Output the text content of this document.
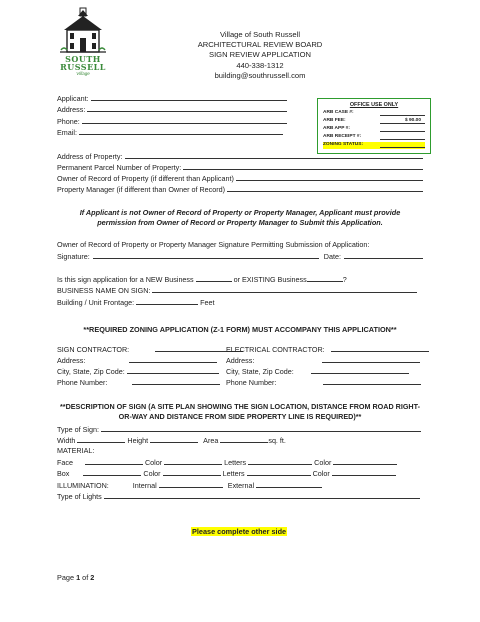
SOUTH
RUSSELL
Village
Village of South Russell
ARCHITECTURAL REVIEW BOARD
SIGN REVIEW APPLICATION
440-338-1312
building@southrussell.com
Applicant:
Address:
Phone:
Email:
OFFICE USE ONLY
ARB CASE #:
ARB FEE:	$ 90.00
ARB APP #:
ARB RECEIPT #:
ZONING STATUS:
Address of Property:
Permanent Parcel Number of Property:
Owner of Record of Property (if different than Applicant)
Property Manager (if different than Owner of Record)
If Applicant is not Owner of Record of Property or Property Manager, Applicant must provide
permission from Owner of Record or Property Manager to Submit this Application.
Owner of Record of Property or Property Manager Signature Permitting Submission of Application:
Signature:	Date:
Is this sign application for a NEW Business	or EXISTING Business	?
BUSINESS NAME ON SIGN:
Building / Unit Frontage:	Feet
**REQUIRED ZONING APPLICATION (Z-1 FORM) MUST ACCOMPANY THIS APPLICATION**
SIGN CONTRACTOR:	ELECTRICAL CONTRACTOR:
Address:	Address:
City, State, Zip Code:	City, State, Zip Code:
Phone Number:	Phone Number:
**DESCRIPTION OF SIGN (A SITE PLAN SHOWING THE SIGN LOCATION, DISTANCE FROM ROAD RIGHT-
OR-WAY AND DISTANCE FROM SIDE PROPERTY LINE IS REQUIRED)**
Type of Sign:
Width	Height	Area	sq. ft.
MATERIAL:
Face	Color	Letters	Color
Box	Color	Letters	Color
ILLUMINATION:	Internal	External
Type of Lights
Please complete other side
Page 1 of 2
